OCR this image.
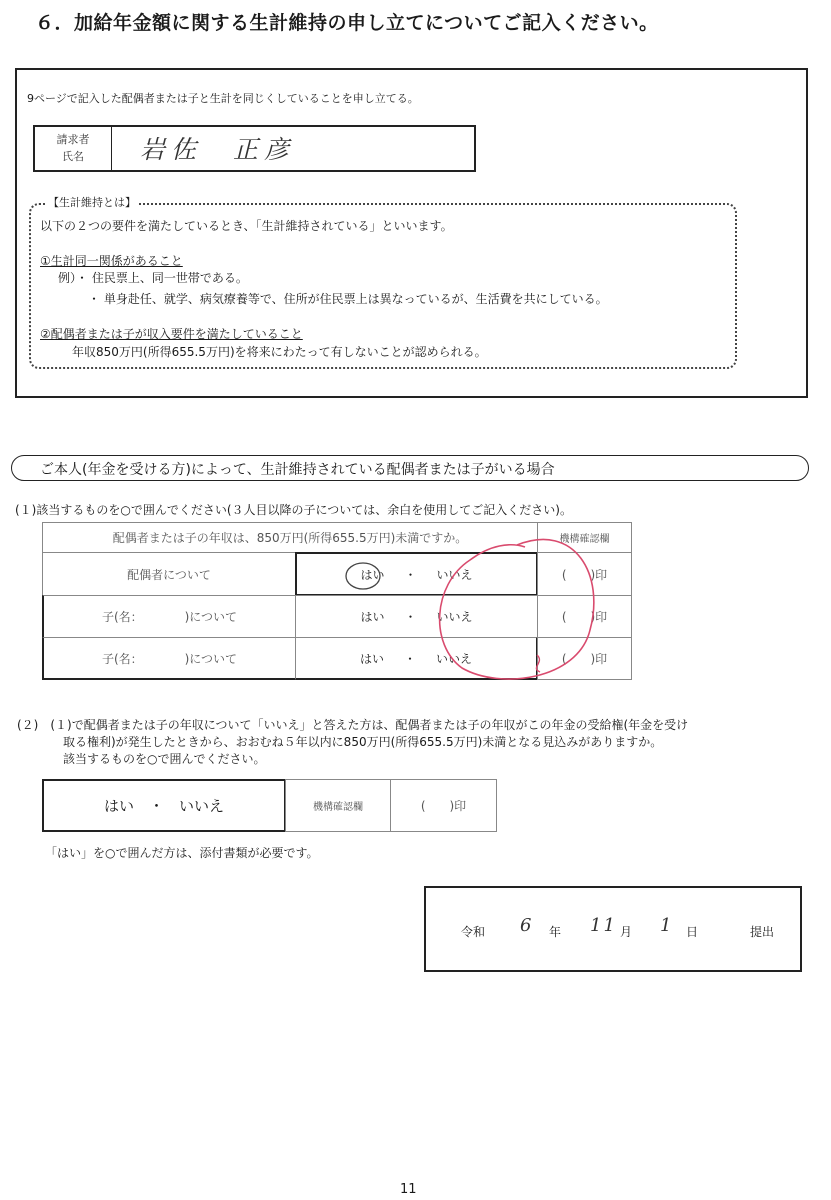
６．加給年金額に関する生計維持の申し立てについてご記入ください。
9ページで記入した配偶者または子と生計を同じくしていることを申し立てる。
請求者
氏名	岩佐　正彦
【生計維持とは】
以下の２つの要件を満たしているとき、「生計維持されている」といいます。
①生計同一関係があること
例）・ 住民票上、同一世帯である。
・ 単身赴任、就学、病気療養等で、住所が住民票上は異なっているが、生活費を共にしている。
②配偶者または子が収入要件を満たしていること
年収850万円(所得655.5万円)を将来にわたって有しないことが認められる。
ご本人(年金を受ける方)によって、生計維持されている配偶者または子がいる場合
(１)該当するものを○で囲んでください(３人目以降の子については、余白を使用してご記入ください)。
配偶者または子の年収は、850万円(所得655.5万円)未満ですか。	機構確認欄
配偶者について	はい ・ いいえ	(　　)印
子(名：　　　　)について	はい ・ いいえ	(　　)印
子(名：　　　　)について	はい ・ いいえ	(　　)印
(２)　(１)で配偶者または子の年収について「いいえ」と答えた方は、配偶者または子の年収がこの年金の受給権(年金を受け
取る権利)が発生したときから、おおむね５年以内に850万円(所得655.5万円)未満となる見込みがありますか。
該当するものを○で囲んでください。
はい　・　いいえ	機構確認欄	(　　)印
「はい」を○で囲んだ方は、添付書類が必要です。
令和 6 年 11 月 1 日	提出
11
